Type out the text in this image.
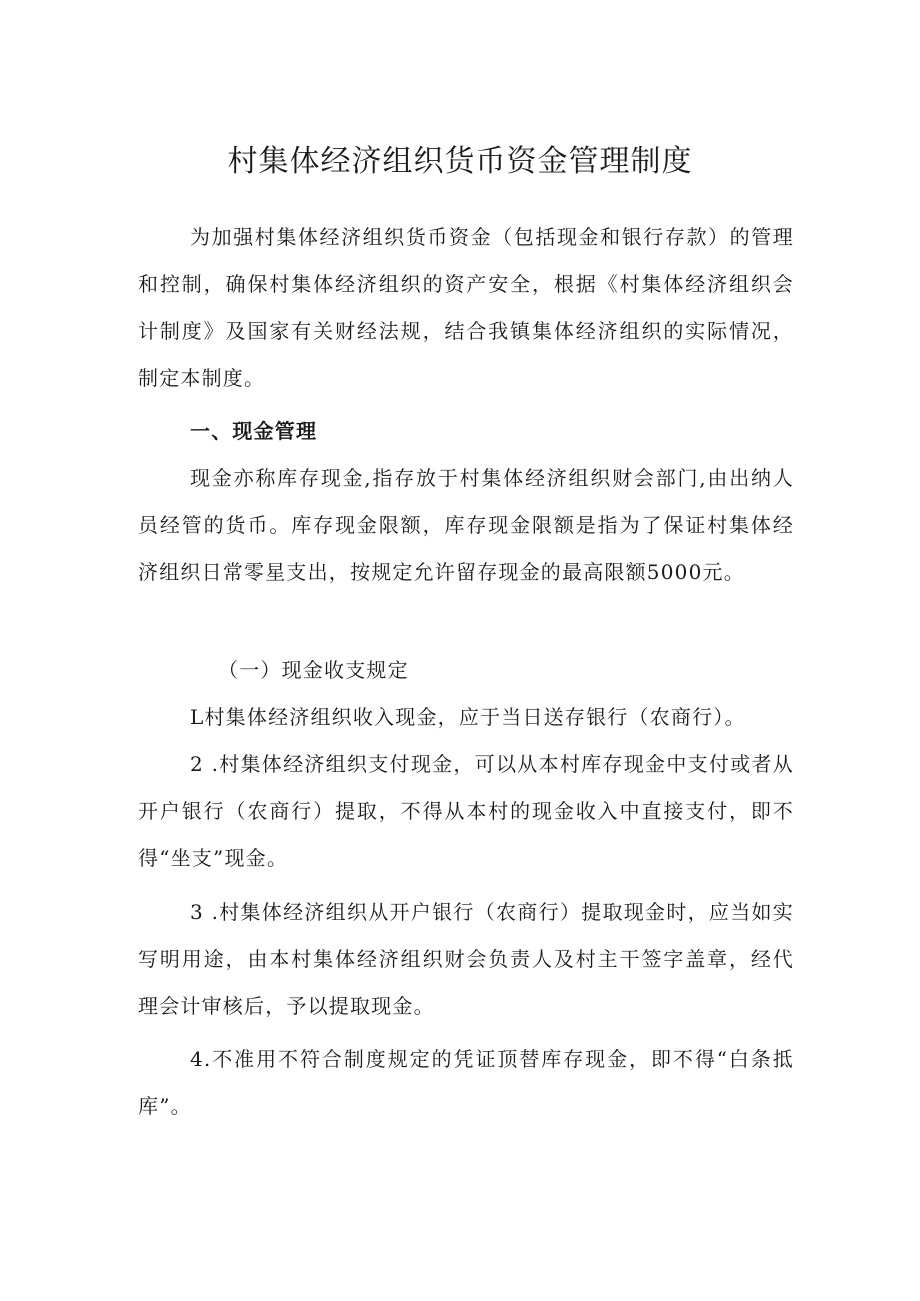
村集体经济组织货币资金管理制度

为加强村集体经济组织货币资金（包括现金和银行存款）的管理和控制，确保村集体经济组织的资产安全，根据《村集体经济组织会计制度》及国家有关财经法规，结合我镇集体经济组织的实际情况，制定本制度。

一、现金管理

现金亦称库存现金,指存放于村集体经济组织财会部门,由出纳人员经管的货币。库存现金限额，库存现金限额是指为了保证村集体经济组织日常零星支出，按规定允许留存现金的最高限额5000元。

（一）现金收支规定

L村集体经济组织收入现金，应于当日送存银行（农商行）。

2 .村集体经济组织支付现金，可以从本村库存现金中支付或者从开户银行（农商行）提取，不得从本村的现金收入中直接支付，即不得“坐支”现金。

3 .村集体经济组织从开户银行（农商行）提取现金时，应当如实写明用途，由本村集体经济组织财会负责人及村主干签字盖章，经代理会计审核后，予以提取现金。

4.不准用不符合制度规定的凭证顶替库存现金，即不得“白条抵库”。
